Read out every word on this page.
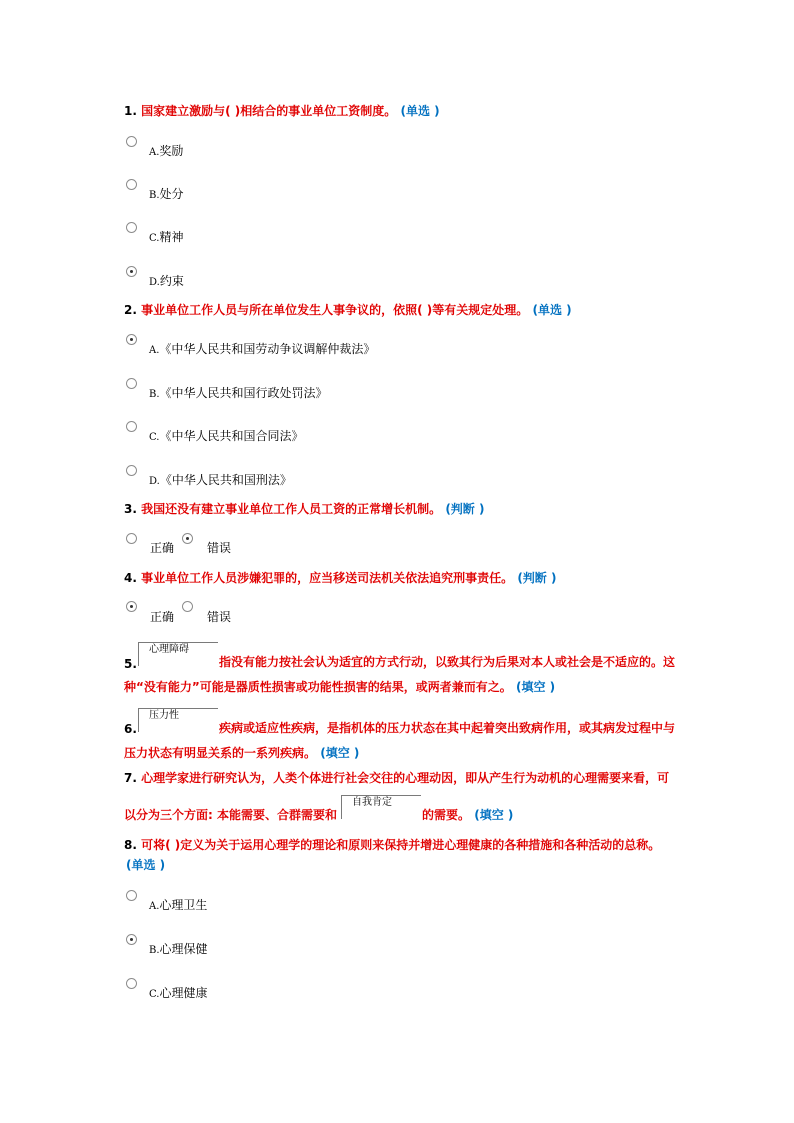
1. 国家建立激励与( )相结合的事业单位工资制度。 (单选 )
A.奖励
B.处分
C.精神
D.约束
2. 事业单位工作人员与所在单位发生人事争议的，依照( )等有关规定处理。 (单选 )
A.《中华人民共和国劳动争议调解仲裁法》
B.《中华人民共和国行政处罚法》
C.《中华人民共和国合同法》
D.《中华人民共和国刑法》
3. 我国还没有建立事业单位工作人员工资的正常增长机制。 (判断 )
正确	错误
4. 事业单位工作人员涉嫌犯罪的，应当移送司法机关依法追究刑事责任。 (判断 )
正确	错误
5.
心理障碍
指没有能力按社会认为适宜的方式行动，以致其行为后果对本人或社会是不适应的。这
种“没有能力”可能是器质性损害或功能性损害的结果，或两者兼而有之。 (填空 )
6.
压力性
疾病或适应性疾病，是指机体的压力状态在其中起着突出致病作用，或其病发过程中与
压力状态有明显关系的一系列疾病。 (填空 )
7. 心理学家进行研究认为，人类个体进行社会交往的心理动因，即从产生行为动机的心理需要来看，可
以分为三个方面: 本能需要、合群需要和
自我肯定
的需要。 (填空 )
8. 可将( )定义为关于运用心理学的理论和原则来保持并增进心理健康的各种措施和各种活动的总称。
(单选 )
A.心理卫生
B.心理保健
C.心理健康
